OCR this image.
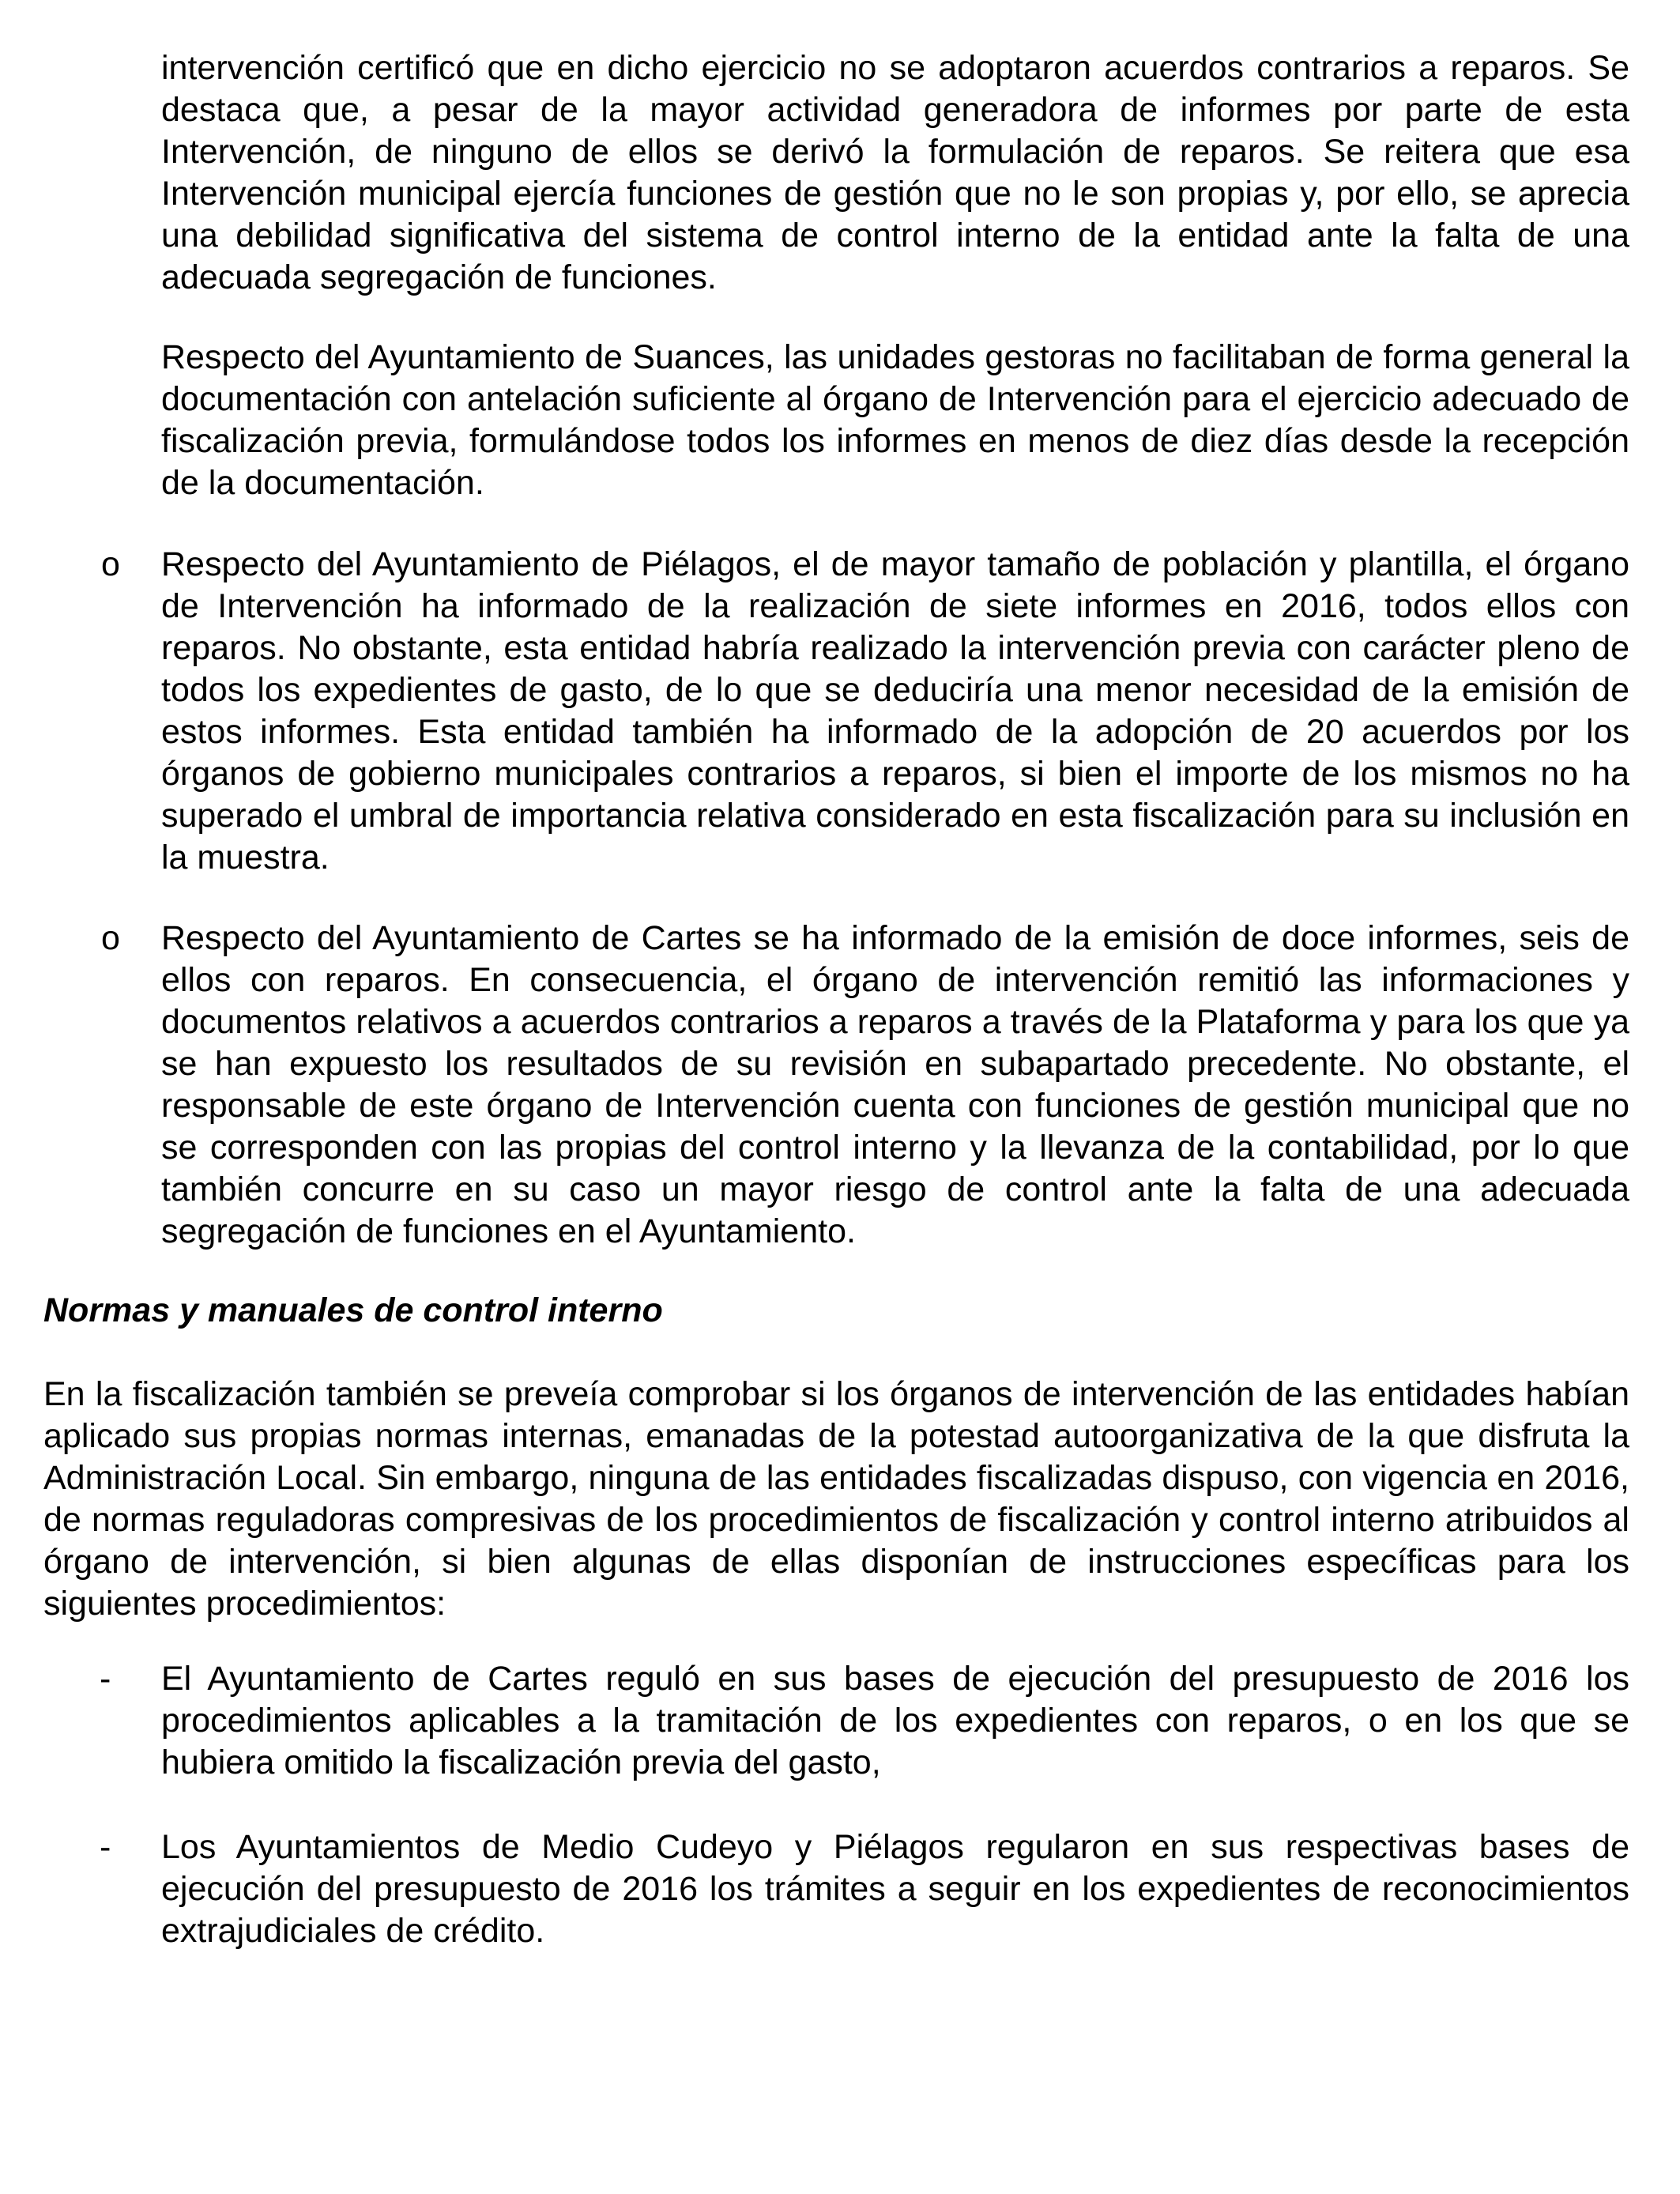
intervención certificó que en dicho ejercicio no se adoptaron acuerdos contrarios a reparos. Se destaca que, a pesar de la mayor actividad generadora de informes por parte de esta Intervención, de ninguno de ellos se derivó la formulación de reparos. Se reitera que esa Intervención municipal ejercía funciones de gestión que no le son propias y, por ello, se aprecia una debilidad significativa del sistema de control interno de la entidad ante la falta de una adecuada segregación de funciones.

Respecto del Ayuntamiento de Suances, las unidades gestoras no facilitaban de forma general la documentación con antelación suficiente al órgano de Intervención para el ejercicio adecuado de fiscalización previa, formulándose todos los informes en menos de diez días desde la recepción de la documentación.

o Respecto del Ayuntamiento de Piélagos, el de mayor tamaño de población y plantilla, el órgano de Intervención ha informado de la realización de siete informes en 2016, todos ellos con reparos. No obstante, esta entidad habría realizado la intervención previa con carácter pleno de todos los expedientes de gasto, de lo que se deduciría una menor necesidad de la emisión de estos informes. Esta entidad también ha informado de la adopción de 20 acuerdos por los órganos de gobierno municipales contrarios a reparos, si bien el importe de los mismos no ha superado el umbral de importancia relativa considerado en esta fiscalización para su inclusión en la muestra.

o Respecto del Ayuntamiento de Cartes se ha informado de la emisión de doce informes, seis de ellos con reparos. En consecuencia, el órgano de intervención remitió las informaciones y documentos relativos a acuerdos contrarios a reparos a través de la Plataforma y para los que ya se han expuesto los resultados de su revisión en subapartado precedente. No obstante, el responsable de este órgano de Intervención cuenta con funciones de gestión municipal que no se corresponden con las propias del control interno y la llevanza de la contabilidad, por lo que también concurre en su caso un mayor riesgo de control ante la falta de una adecuada segregación de funciones en el Ayuntamiento.

Normas y manuales de control interno

En la fiscalización también se preveía comprobar si los órganos de intervención de las entidades habían aplicado sus propias normas internas, emanadas de la potestad autoorganizativa de la que disfruta la Administración Local. Sin embargo, ninguna de las entidades fiscalizadas dispuso, con vigencia en 2016, de normas reguladoras compresivas de los procedimientos de fiscalización y control interno atribuidos al órgano de intervención, si bien algunas de ellas disponían de instrucciones específicas para los siguientes procedimientos:

- El Ayuntamiento de Cartes reguló en sus bases de ejecución del presupuesto de 2016 los procedimientos aplicables a la tramitación de los expedientes con reparos, o en los que se hubiera omitido la fiscalización previa del gasto,

- Los Ayuntamientos de Medio Cudeyo y Piélagos regularon en sus respectivas bases de ejecución del presupuesto de 2016 los trámites a seguir en los expedientes de reconocimientos extrajudiciales de crédito.
